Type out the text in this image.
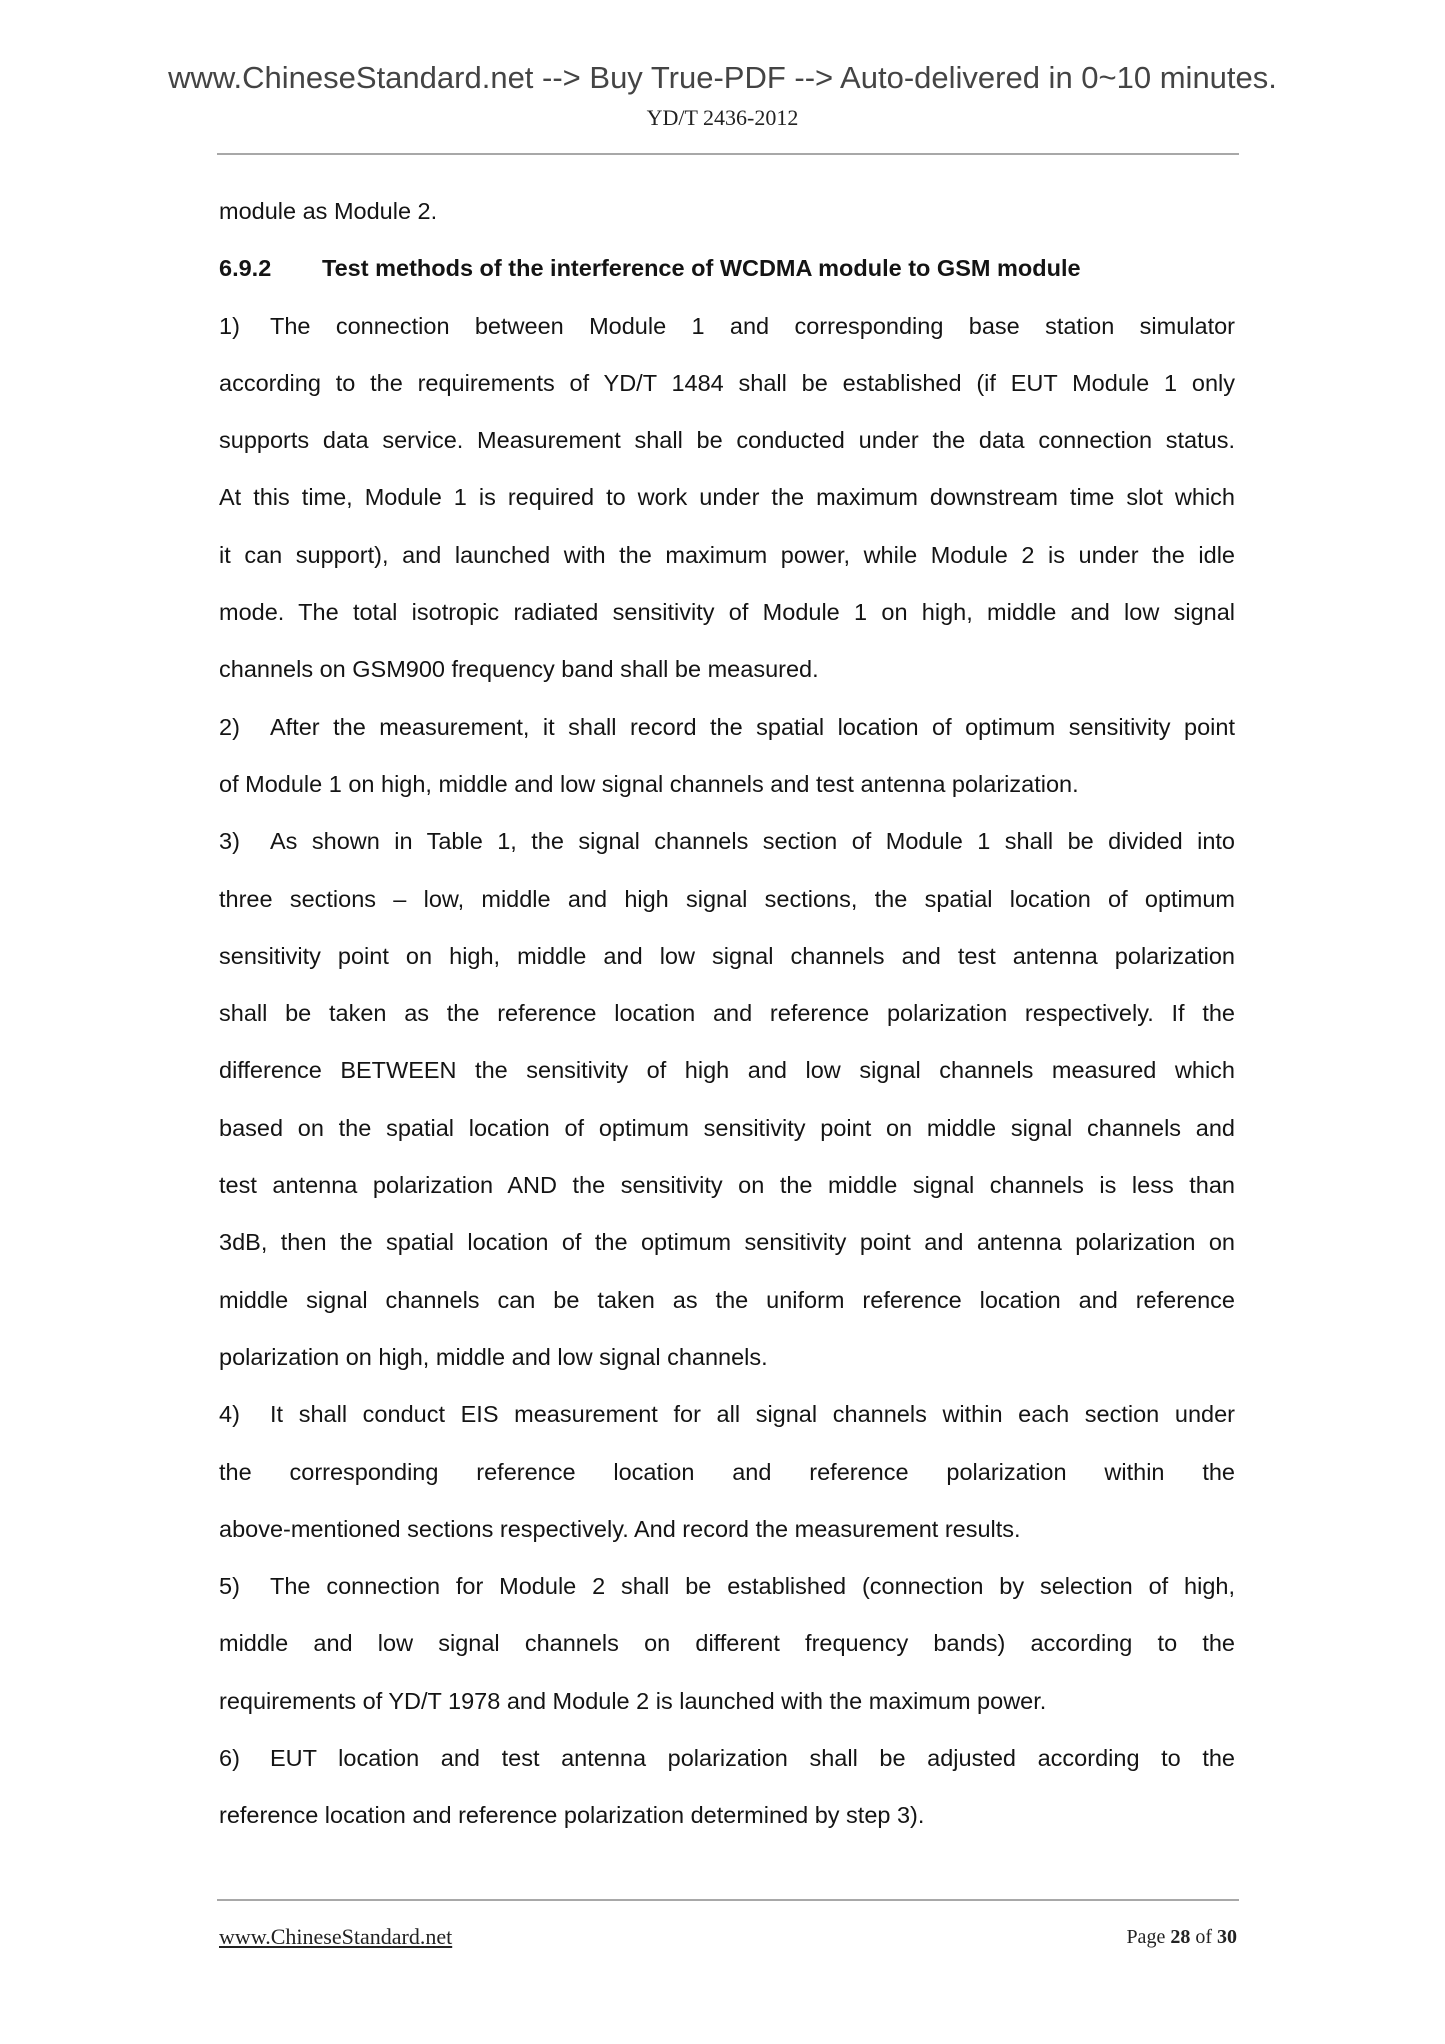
www.ChineseStandard.net --> Buy True-PDF --> Auto-delivered in 0~10 minutes.
YD/T 2436-2012
module as Module 2.
6.9.2 Test methods of the interference of WCDMA module to GSM module
1) The connection between Module 1 and corresponding base station simulator
according to the requirements of YD/T 1484 shall be established (if EUT Module 1 only
supports data service. Measurement shall be conducted under the data connection status.
At this time, Module 1 is required to work under the maximum downstream time slot which
it can support), and launched with the maximum power, while Module 2 is under the idle
mode. The total isotropic radiated sensitivity of Module 1 on high, middle and low signal
channels on GSM900 frequency band shall be measured.
2) After the measurement, it shall record the spatial location of optimum sensitivity point
of Module 1 on high, middle and low signal channels and test antenna polarization.
3) As shown in Table 1, the signal channels section of Module 1 shall be divided into
three sections – low, middle and high signal sections, the spatial location of optimum
sensitivity point on high, middle and low signal channels and test antenna polarization
shall be taken as the reference location and reference polarization respectively. If the
difference BETWEEN the sensitivity of high and low signal channels measured which
based on the spatial location of optimum sensitivity point on middle signal channels and
test antenna polarization AND the sensitivity on the middle signal channels is less than
3dB, then the spatial location of the optimum sensitivity point and antenna polarization on
middle signal channels can be taken as the uniform reference location and reference
polarization on high, middle and low signal channels.
4) It shall conduct EIS measurement for all signal channels within each section under
the corresponding reference location and reference polarization within the
above-mentioned sections respectively. And record the measurement results.
5) The connection for Module 2 shall be established (connection by selection of high,
middle and low signal channels on different frequency bands) according to the
requirements of YD/T 1978 and Module 2 is launched with the maximum power.
6) EUT location and test antenna polarization shall be adjusted according to the
reference location and reference polarization determined by step 3).
www.ChineseStandard.net	Page 28 of 30
